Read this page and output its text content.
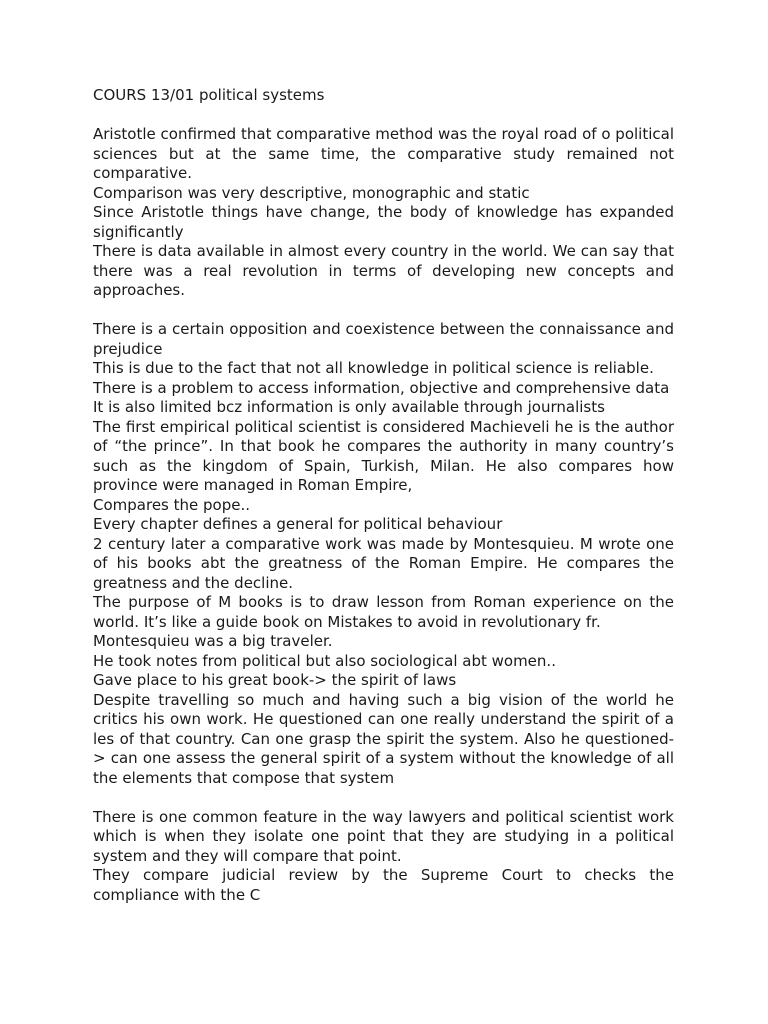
COURS 13/01 political systems
Aristotle confirmed that comparative method was the royal road of o political sciences but at the same time, the comparative study remained not comparative.
Comparison was very descriptive, monographic and static
Since Aristotle things have change, the body of knowledge has expanded significantly
There is data available in almost every country in the world. We can say that there was a real revolution in terms of developing new concepts and approaches.
There is a certain opposition and coexistence between the connaissance and prejudice
This is due to the fact that not all knowledge in political science is reliable.
There is a problem to access information, objective and comprehensive data
It is also limited bcz information is only available through journalists
The first empirical political scientist is considered Machieveli he is the author of “the prince”. In that book he compares the authority in many country’s such as the kingdom of Spain, Turkish, Milan. He also compares how province were managed in Roman Empire,
Compares the pope..
Every chapter defines a general for political behaviour
2 century later a comparative work was made by Montesquieu. M wrote one of his books abt the greatness of the Roman Empire. He compares the greatness and the decline.
The purpose of M books is to draw lesson from Roman experience on the world. It’s like a guide book on Mistakes to avoid in revolutionary fr.
Montesquieu was a big traveler.
He took notes from political but also sociological abt women..
Gave place to his great book-> the spirit of laws
Despite travelling so much and having such a big vision of the world he critics his own work. He questioned can one really understand the spirit of a les of that country. Can one grasp the spirit the system. Also he questioned-> can one assess the general spirit of a system without the knowledge of all the elements that compose that system
There is one common feature in the way lawyers and political scientist work which is when they isolate one point that they are studying in a political system and they will compare that point.
They compare judicial review by the Supreme Court to checks the compliance with the C
